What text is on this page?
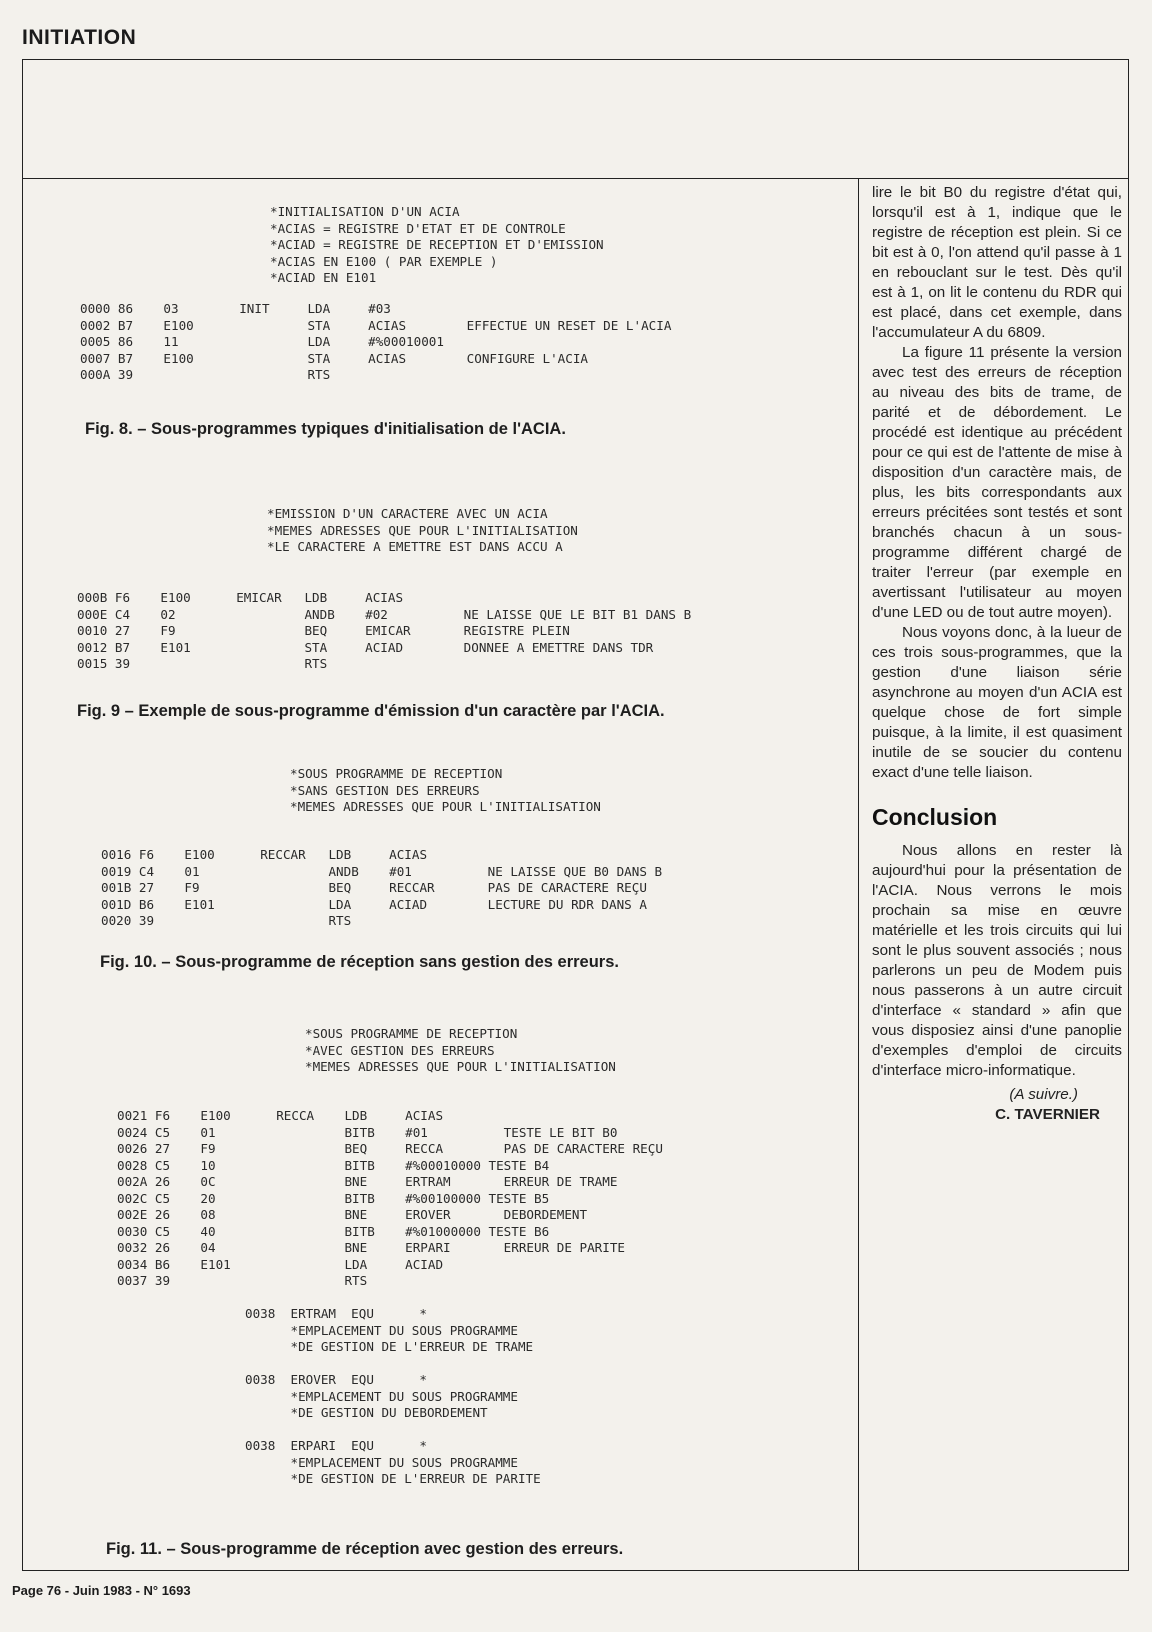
INITIATION
*INITIALISATION D'UN ACIA
*ACIAS = REGISTRE D'ETAT ET DE CONTROLE
*ACIAD = REGISTRE DE RECEPTION ET D'EMISSION
*ACIAS EN E100 ( PAR EXEMPLE )
*ACIAD EN E101
0000 86    03        INIT     LDA     #03
0002 B7    E100               STA     ACIAS        EFFECTUE UN RESET DE L'ACIA
0005 86    11                 LDA     #%00010001
0007 B7    E100               STA     ACIAS        CONFIGURE L'ACIA
000A 39                       RTS
Fig. 8. – Sous-programmes typiques d'initialisation de l'ACIA.
*EMISSION D'UN CARACTERE AVEC UN ACIA
*MEMES ADRESSES QUE POUR L'INITIALISATION
*LE CARACTERE A EMETTRE EST DANS ACCU A
000B F6    E100      EMICAR   LDB     ACIAS
000E C4    02                 ANDB    #02          NE LAISSE QUE LE BIT B1 DANS B
0010 27    F9                 BEQ     EMICAR       REGISTRE PLEIN
0012 B7    E101               STA     ACIAD        DONNEE A EMETTRE DANS TDR
0015 39                       RTS
Fig. 9 – Exemple de sous-programme d'émission d'un caractère par l'ACIA.
*SOUS PROGRAMME DE RECEPTION
*SANS GESTION DES ERREURS
*MEMES ADRESSES QUE POUR L'INITIALISATION
0016 F6    E100      RECCAR   LDB     ACIAS
0019 C4    01                 ANDB    #01          NE LAISSE QUE B0 DANS B
001B 27    F9                 BEQ     RECCAR       PAS DE CARACTERE REÇU
001D B6    E101               LDA     ACIAD        LECTURE DU RDR DANS A
0020 39                       RTS
Fig. 10. – Sous-programme de réception sans gestion des erreurs.
*SOUS PROGRAMME DE RECEPTION
*AVEC GESTION DES ERREURS
*MEMES ADRESSES QUE POUR L'INITIALISATION
0021 F6    E100      RECCA    LDB     ACIAS
0024 C5    01                 BITB    #01          TESTE LE BIT B0
0026 27    F9                 BEQ     RECCA        PAS DE CARACTERE REÇU
0028 C5    10                 BITB    #%00010000 TESTE B4
002A 26    0C                 BNE     ERTRAM       ERREUR DE TRAME
002C C5    20                 BITB    #%00100000 TESTE B5
002E 26    08                 BNE     EROVER       DEBORDEMENT
0030 C5    40                 BITB    #%01000000 TESTE B6
0032 26    04                 BNE     ERPARI       ERREUR DE PARITE
0034 B6    E101               LDA     ACIAD
0037 39                       RTS
0038  ERTRAM  EQU      *
*EMPLACEMENT DU SOUS PROGRAMME
*DE GESTION DE L'ERREUR DE TRAME
0038  EROVER  EQU      *
*EMPLACEMENT DU SOUS PROGRAMME
*DE GESTION DU DEBORDEMENT
0038  ERPARI  EQU      *
*EMPLACEMENT DU SOUS PROGRAMME
*DE GESTION DE L'ERREUR DE PARITE
Fig. 11. – Sous-programme de réception avec gestion des erreurs.

lire le bit B0 du registre d'état qui, lorsqu'il est à 1, indique que le registre de réception est plein. Si ce bit est à 0, l'on attend qu'il passe à 1 en rebouclant sur le test. Dès qu'il est à 1, on lit le contenu du RDR qui est placé, dans cet exemple, dans l'accumulateur A du 6809.

La figure 11 présente la version avec test des erreurs de réception au niveau des bits de trame, de parité et de débordement. Le procédé est identique au précédent pour ce qui est de l'attente de mise à disposition d'un caractère mais, de plus, les bits correspondants aux erreurs précitées sont testés et sont branchés chacun à un sous-programme différent chargé de traiter l'erreur (par exemple en avertissant l'utilisateur au moyen d'une LED ou de tout autre moyen).

Nous voyons donc, à la lueur de ces trois sous-programmes, que la gestion d'une liaison série asynchrone au moyen d'un ACIA est quelque chose de fort simple puisque, à la limite, il est quasiment inutile de se soucier du contenu exact d'une telle liaison.

Conclusion

Nous allons en rester là aujourd'hui pour la présentation de l'ACIA. Nous verrons le mois prochain sa mise en œuvre matérielle et les trois circuits qui lui sont le plus souvent associés ; nous parlerons un peu de Modem puis nous passerons à un autre circuit d'interface « standard » afin que vous disposiez ainsi d'une panoplie d'exemples d'emploi de circuits d'interface micro-informatique.

(A suivre.)
C. TAVERNIER
Page 76 - Juin 1983 - N° 1693
